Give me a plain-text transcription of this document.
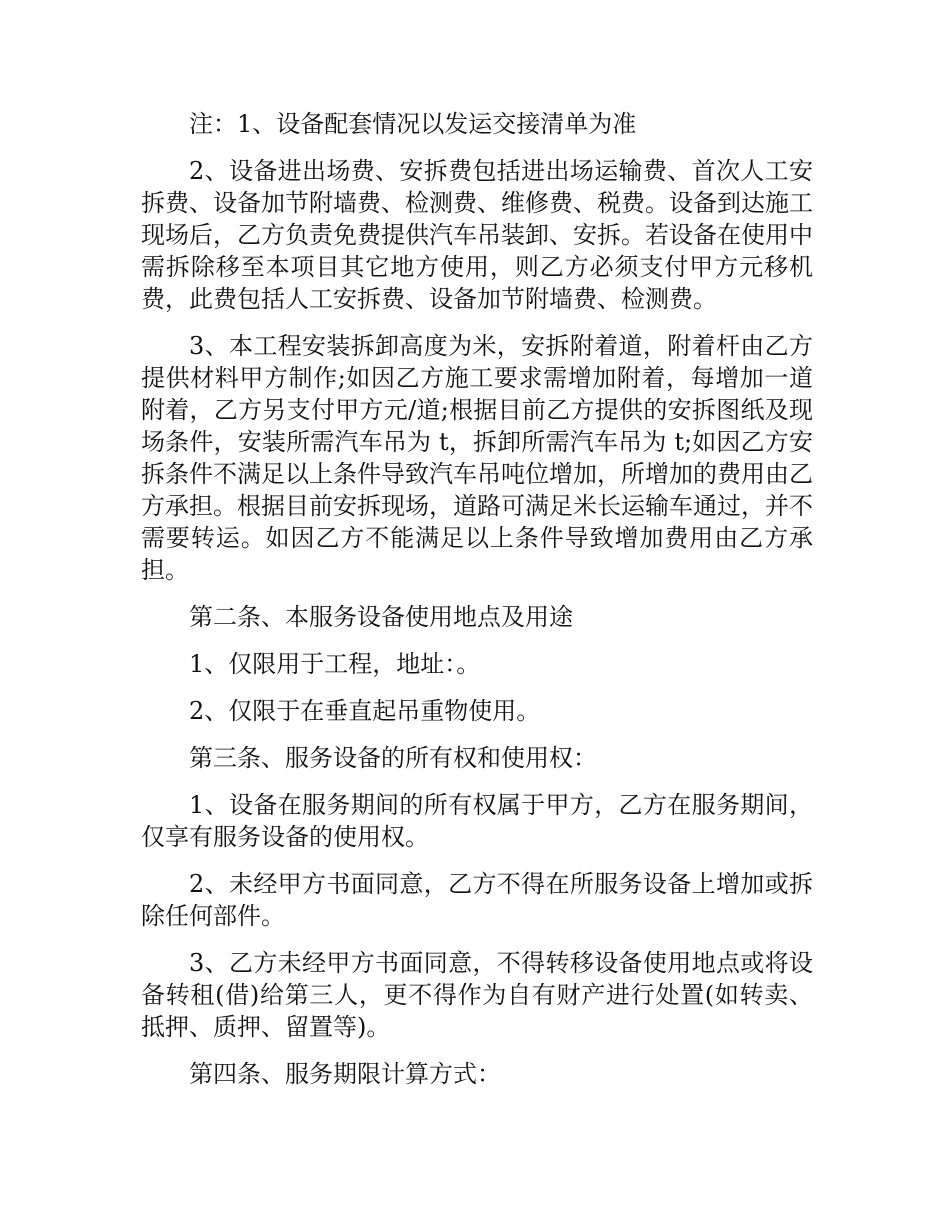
注：1、设备配套情况以发运交接清单为准

2、设备进出场费、安拆费包括进出场运输费、首次人工安拆费、设备加节附墙费、检测费、维修费、税费。设备到达施工现场后，乙方负责免费提供汽车吊装卸、安拆。若设备在使用中需拆除移至本项目其它地方使用，则乙方必须支付甲方元移机费，此费包括人工安拆费、设备加节附墙费、检测费。

3、本工程安装拆卸高度为米，安拆附着道，附着杆由乙方提供材料甲方制作;如因乙方施工要求需增加附着，每增加一道附着，乙方另支付甲方元/道;根据目前乙方提供的安拆图纸及现场条件，安装所需汽车吊为 t，拆卸所需汽车吊为 t;如因乙方安拆条件不满足以上条件导致汽车吊吨位增加，所增加的费用由乙方承担。根据目前安拆现场，道路可满足米长运输车通过，并不需要转运。如因乙方不能满足以上条件导致增加费用由乙方承担。

第二条、本服务设备使用地点及用途

1、仅限用于工程，地址：。

2、仅限于在垂直起吊重物使用。

第三条、服务设备的所有权和使用权：

1、设备在服务期间的所有权属于甲方，乙方在服务期间，仅享有服务设备的使用权。

2、未经甲方书面同意，乙方不得在所服务设备上增加或拆除任何部件。

3、乙方未经甲方书面同意，不得转移设备使用地点或将设备转租(借)给第三人，更不得作为自有财产进行处置(如转卖、抵押、质押、留置等)。

第四条、服务期限计算方式：
